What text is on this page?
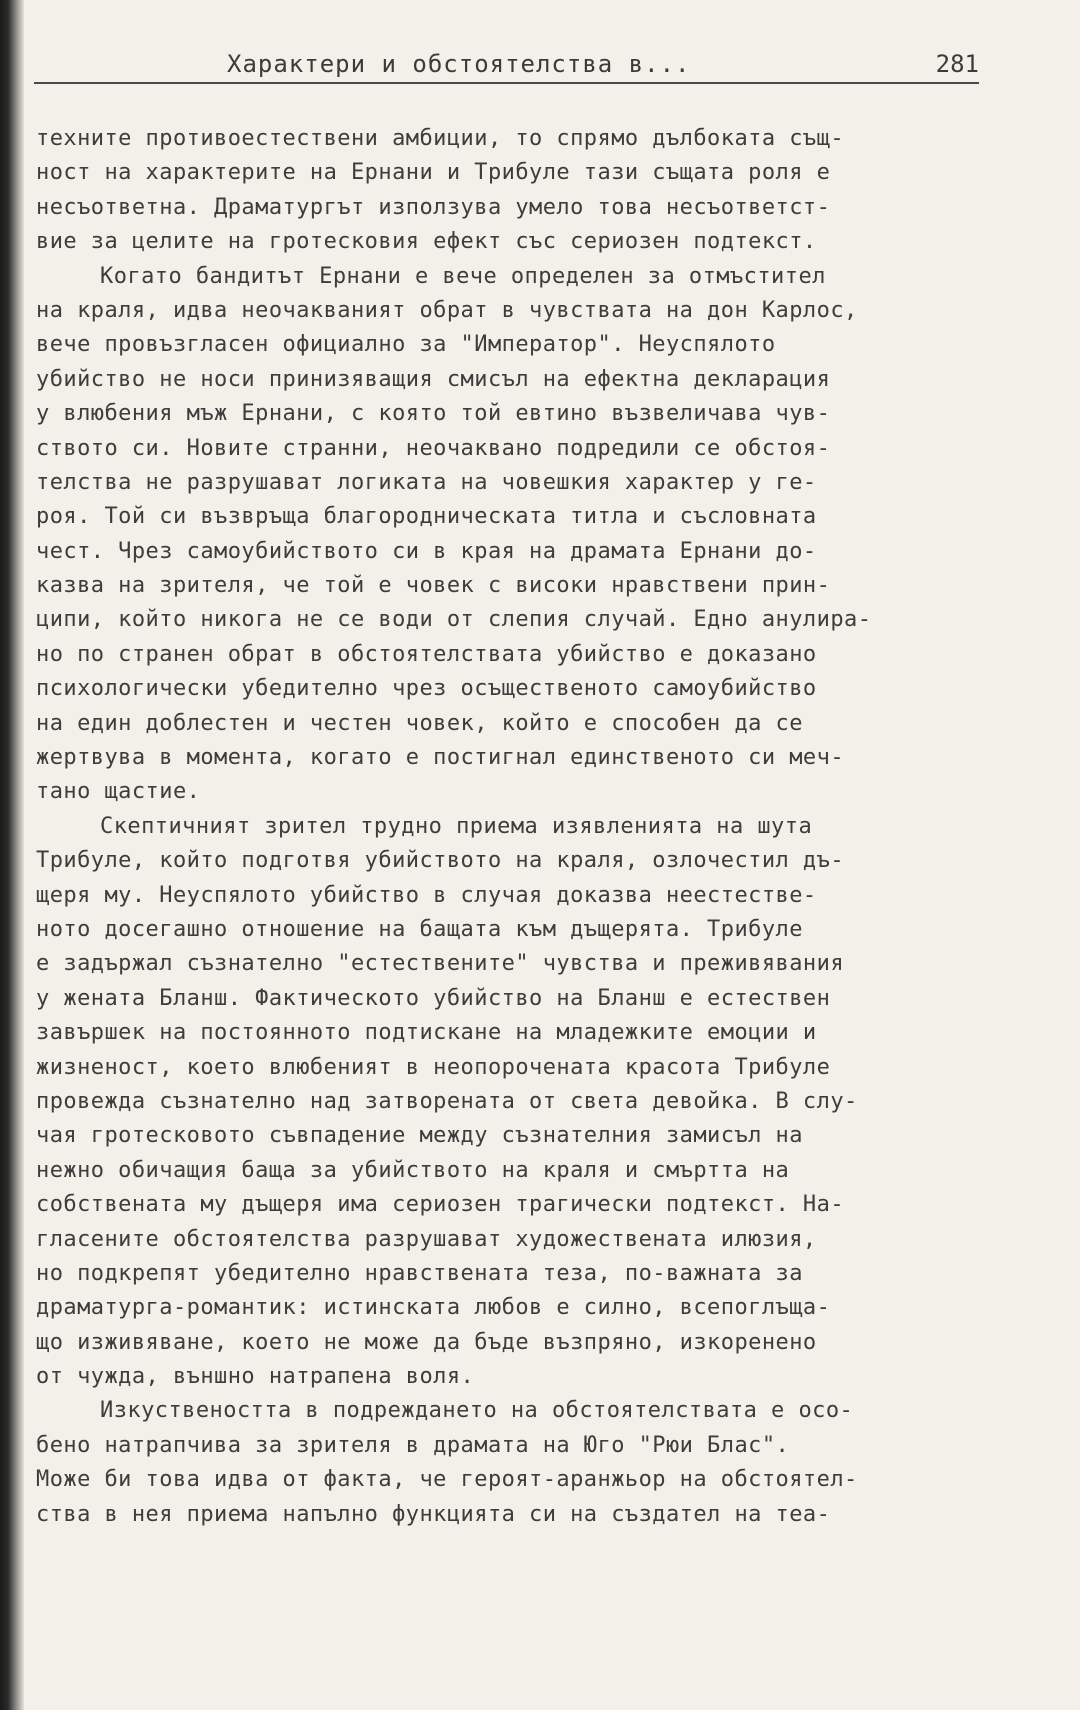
Характери и обстоятелства в...	281
техните противоестествени амбиции, то спрямо дълбоката същ-
ност на характерите на Ернани и Трибуле тази същата роля е
несъответна. Драматургът използува умело това несъответст-
вие за целите на гротесковия ефект със сериозен подтекст.
Когато бандитът Ернани е вече определен за отмъстител
на краля, идва неочакваният обрат в чувствата на дон Карлос,
вече провъзгласен официално за "Император". Неуспялото
убийство не носи принизяващия смисъл на ефектна декларация
у влюбения мъж Ернани, с която той евтино възвеличава чув-
ството си. Новите странни, неочаквано подредили се обстоя-
телства не разрушават логиката на човешкия характер у ге-
роя. Той си възвръща благородническата титла и съсловната
чест. Чрез самоубийството си в края на драмата Ернани до-
казва на зрителя, че той е човек с високи нравствени прин-
ципи, който никога не се води от слепия случай. Едно анулира-
но по странен обрат в обстоятелствата убийство е доказано
психологически убедително чрез осъщественото самоубийство
на един доблестен и честен човек, който е способен да се
жертвува в момента, когато е постигнал единственото си меч-
тано щастие.
Скептичният зрител трудно приема изявленията на шута
Трибуле, който подготвя убийството на краля, озлочестил дъ-
щеря му. Неуспялото убийство в случая доказва неестестве-
ното досегашно отношение на бащата към дъщерята. Трибуле
е задържал съзнателно "естествените" чувства и преживявания
у жената Бланш. Фактическото убийство на Бланш е естествен
завършек на постоянното подтискане на младежките емоции и
жизненост, което влюбеният в неопорочената красота Трибуле
провежда съзнателно над затворената от света девойка. В слу-
чая гротесковото съвпадение между съзнателния замисъл на
нежно обичащия баща за убийството на краля и смъртта на
собствената му дъщеря има сериозен трагически подтекст. На-
гласените обстоятелства разрушават художествената илюзия,
но подкрепят убедително нравствената теза, по-важната за
драматурга-романтик: истинската любов е силно, всепоглъща-
що изживяване, което не може да бъде възпряно, изкоренено
от чужда, външно натрапена воля.
Изкуствеността в подреждането на обстоятелствата е осо-
бено натрапчива за зрителя в драмата на Юго "Рюи Блас".
Може би това идва от факта, че героят-аранжьор на обстоятел-
ства в нея приема напълно функцията си на създател на теа-
